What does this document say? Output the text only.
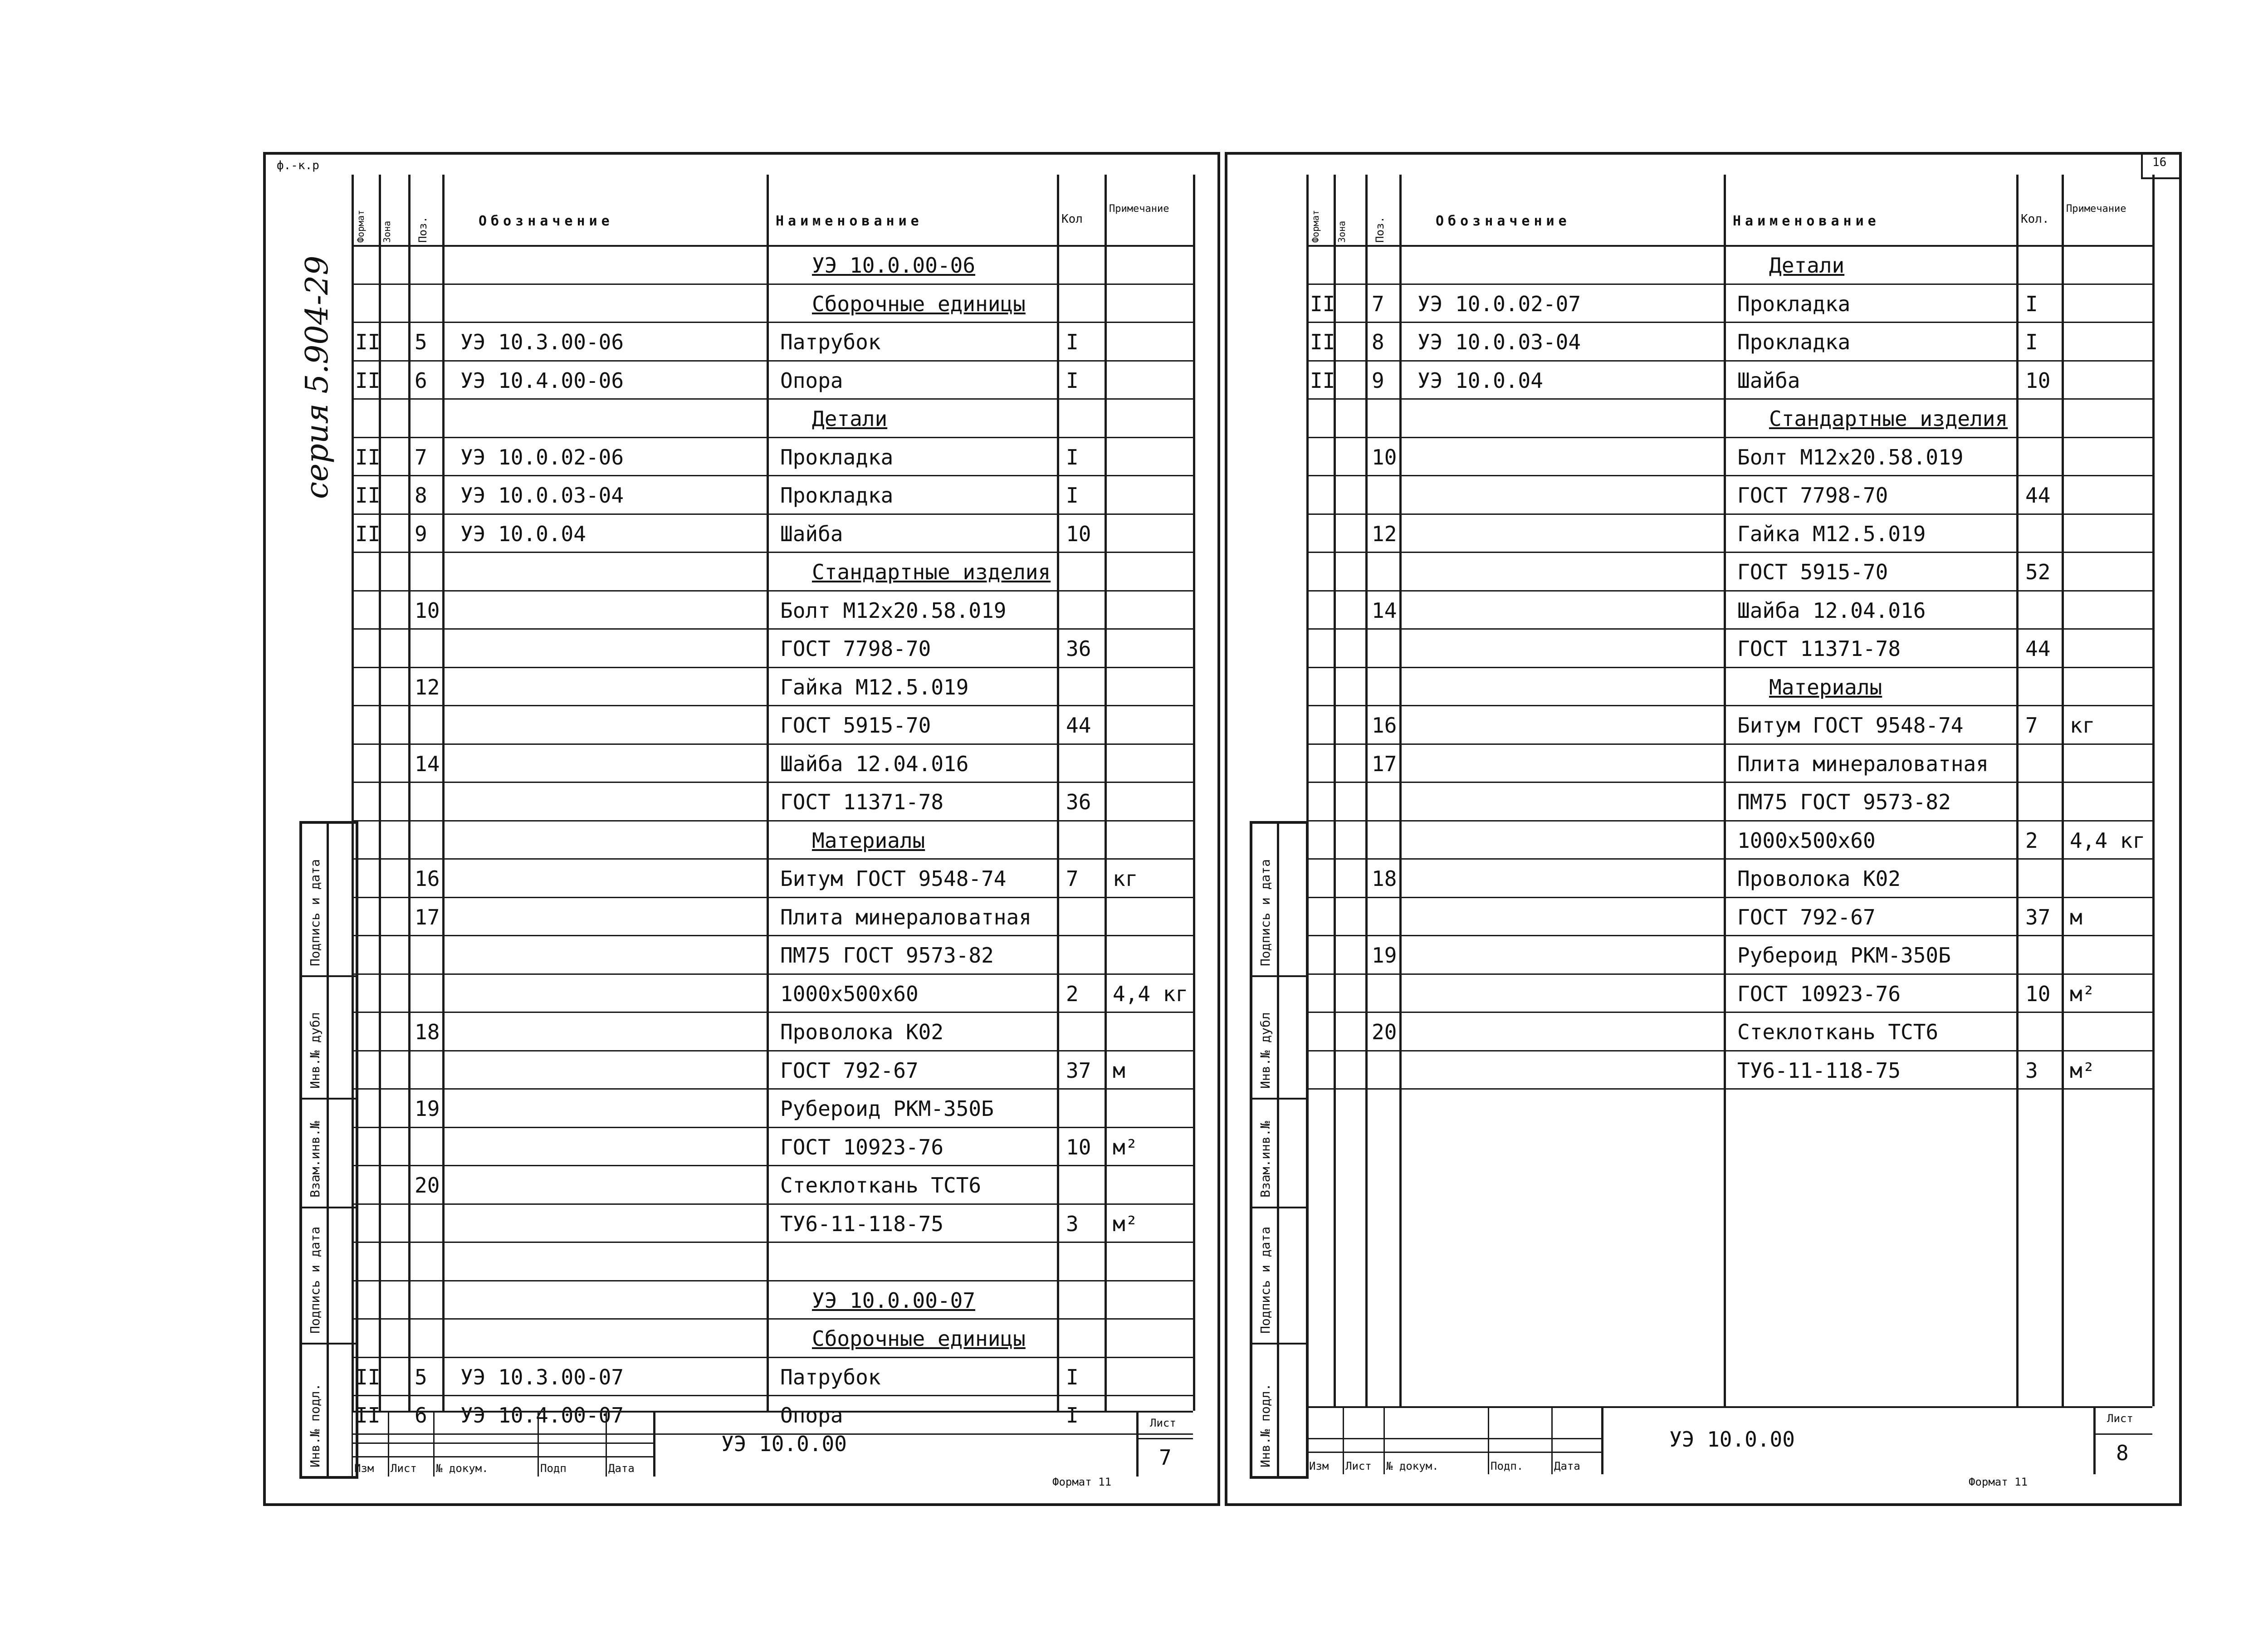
ф.-к.р
серия 5.904-29
Обозначение	Наименование	Кол
Примечание
Формат Зона Поз.
УЭ 10.0.00-06
Сборочные единицы
II 5 УЭ 10.3.00-06	Патрубок	I
II 6 УЭ 10.4.00-06	Опора	I
Детали
II 7 УЭ 10.0.02-06	Прокладка	I
II 8 УЭ 10.0.03-04	Прокладка	I
II 9 УЭ 10.0.04	Шайба	10
Стандартные изделия
10	Болт М12х20.58.019
ГОСТ 7798-70	36
12	Гайка М12.5.019
ГОСТ 5915-70	44
14	Шайба 12.04.016
ГОСТ 11371-78	36
Материалы
16	Битум ГОСТ 9548-74	7 кг
17	Плита минераловатная
ПМ75 ГОСТ 9573-82
1000х500х60	2 4,4 кг
18	Проволока К02
ГОСТ 792-67	37 м
19	Рубероид РКМ-350Б
ГОСТ 10923-76	10 м²
20	Стеклоткань ТСТ6
ТУ6-11-118-75	3 м²
УЭ 10.0.00-07
Сборочные единицы
II 5 УЭ 10.3.00-07	Патрубок	I
II 6 УЭ 10.4.00-07	Опора	I
Подпись и дата
Инв.№ дубл
Взам.инв.№
Подпись и дата
Инв.№ подл.
Изм Лист № докум.	Подп	Дата
УЭ 10.0.00
Лист
7
Формат 11
16
Обозначение	Наименование	Кол.
Примечание
Формат Зона Поз.
Детали
II 7 УЭ 10.0.02-07	Прокладка	I
II 8 УЭ 10.0.03-04	Прокладка	I
II 9 УЭ 10.0.04	Шайба	10
Стандартные изделия
10	Болт М12х20.58.019
ГОСТ 7798-70	44
12	Гайка М12.5.019
ГОСТ 5915-70	52
14	Шайба 12.04.016
ГОСТ 11371-78	44
Материалы
16	Битум ГОСТ 9548-74	7 кг
17	Плита минераловатная
ПМ75 ГОСТ 9573-82
1000х500х60	2 4,4 кг
18	Проволока К02
ГОСТ 792-67	37 м
19	Рубероид РКМ-350Б
ГОСТ 10923-76	10 м²
20	Стеклоткань ТСТ6
ТУ6-11-118-75	3 м²
Подпись и дата
Инв.№ дубл
Взам.инв.№
Подпись и дата
Инв.№ подл.	Изм Лист № докум.	Подп.	Дата
УЭ 10.0.00
Лист
8
Формат 11
